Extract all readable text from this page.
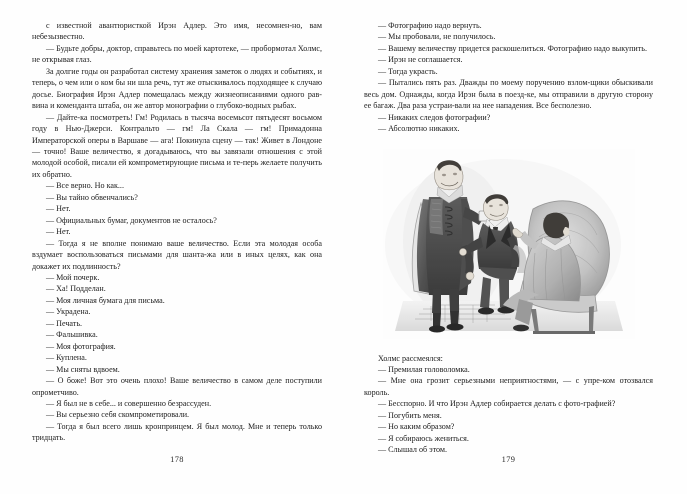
с известной авантюристкой Ирэн Адлер. Это имя, несомнен-но, вам небезызвестно.

— Будьте добры, доктор, справьтесь по моей картотеке, — пробормотал Холмс, не открывая глаз.

За долгие годы он разработал систему хранения заметок о людях и событиях, и теперь, о чем или о ком бы ни шла речь, тут же отыскивалось подходящее к случаю досье. Биография Ирэн Адлер помещалась между жизнеописаниями одного рав-вина и коменданта штаба, он же автор монографии о глубоко-водных рыбах.

— Дайте-ка посмотреть! Гм! Родилась в тысяча восемьсот пятьдесят восьмом году в Нью-Джерси. Контральто — гм! Ла Скала — гм! Примадонна Императорской оперы в Варшаве — ага! Покинула сцену — так! Живет в Лондоне — точно! Ваше величество, я догадываюсь, что вы завязали отношения с этой молодой особой, писали ей компрометирующие письма и те-перь желаете получить их обратно.

— Все верно. Но как...

— Вы тайно обвенчались?

— Нет.

— Официальных бумаг, документов не осталось?

— Нет.

— Тогда я не вполне понимаю ваше величество. Если эта молодая особа вздумает воспользоваться письмами для шанта-жа или в иных целях, как она докажет их подлинность?

— Мой почерк.

— Ха! Подделан.

— Моя личная бумага для письма.

— Украдена.

— Печать.

— Фальшивка.

— Моя фотография.

— Куплена.

— Мы сняты вдвоем.

— О боже! Вот это очень плохо! Ваше величество в самом деле поступили опрометчиво.

— Я был не в себе... и совершенно безрассуден.

— Вы серьезно себя скомпрометировали.

— Тогда я был всего лишь кронпринцем. Я был молод. Мне и теперь только тридцать.

178

— Фотографию надо вернуть.

— Мы пробовали, не получилось.

— Вашему величеству придется раскошелиться. Фотографию надо выкупить.

— Ирэн не соглашается.

— Тогда украсть.

— Пытались пять раз. Дважды по моему поручению взлом-щики обыскивали весь дом. Однажды, когда Ирэн была в поезд-ке, мы отправили в другую сторону ее багаж. Два раза устраи-вали на нее нападения. Все бесполезно.

— Никаких следов фотографии?

— Абсолютно никаких.

Холмс рассмеялся:

— Премилая головоломка.

— Мне она грозит серьезными неприятностями, — с упре-ком отозвался король.

— Бесспорно. И что Ирэн Адлер собирается делать с фото-графией?

— Погубить меня.

— Но каким образом?

— Я собираюсь жениться.

— Слышал об этом.

179
